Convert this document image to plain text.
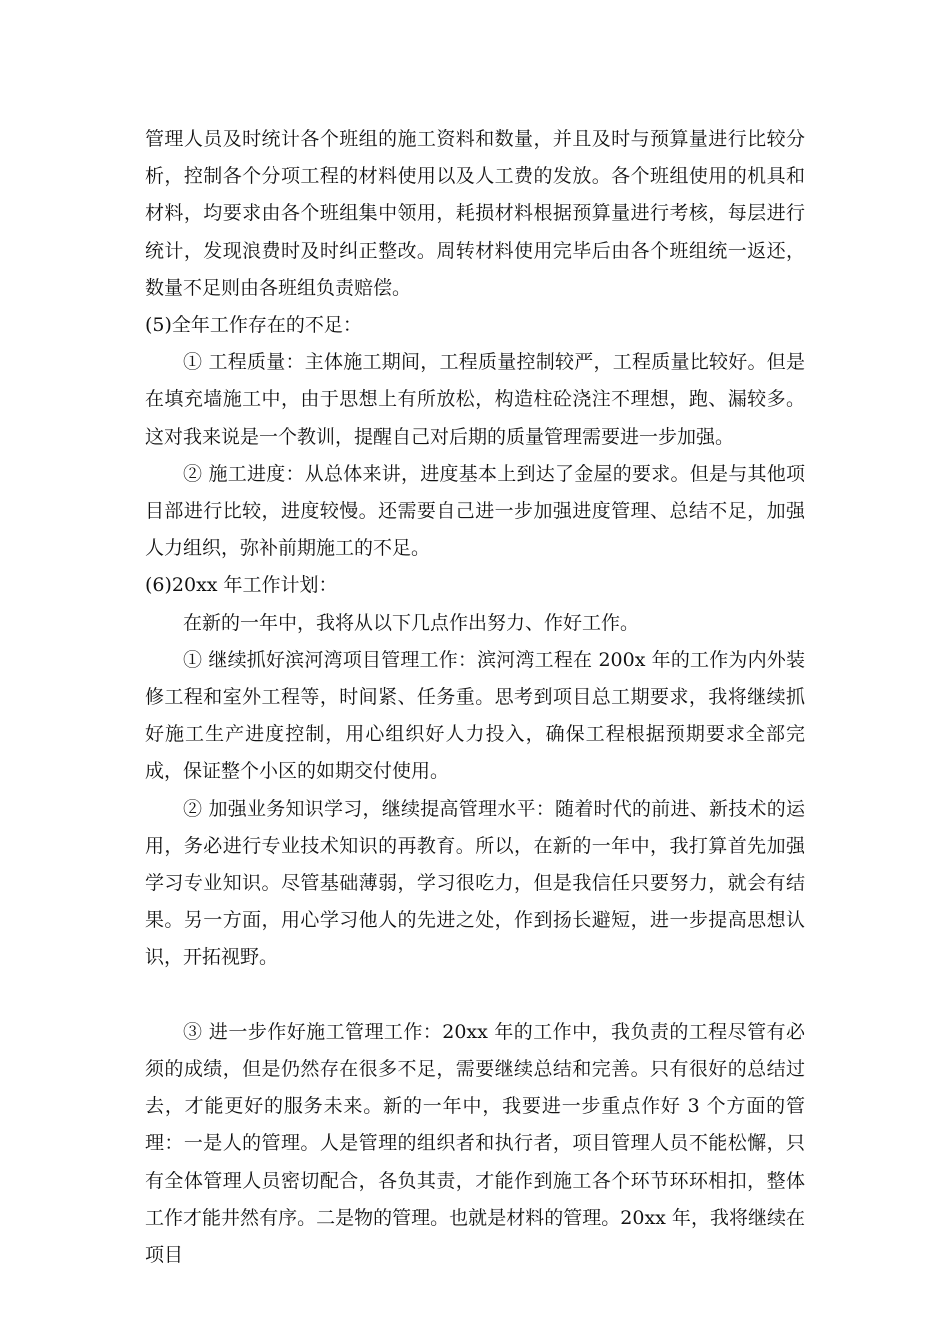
管理人员及时统计各个班组的施工资料和数量，并且及时与预算量进行比较分析，控制各个分项工程的材料使用以及人工费的发放。各个班组使用的机具和材料，均要求由各个班组集中领用，耗损材料根据预算量进行考核，每层进行统计，发现浪费时及时纠正整改。周转材料使用完毕后由各个班组统一返还，数量不足则由各班组负责赔偿。

(5)全年工作存在的不足：

① 工程质量：主体施工期间，工程质量控制较严，工程质量比较好。但是在填充墙施工中，由于思想上有所放松，构造柱砼浇注不理想，跑、漏较多。这对我来说是一个教训，提醒自己对后期的质量管理需要进一步加强。

② 施工进度：从总体来讲，进度基本上到达了金屋的要求。但是与其他项目部进行比较，进度较慢。还需要自己进一步加强进度管理、总结不足，加强人力组织，弥补前期施工的不足。

(6)20xx 年工作计划：

在新的一年中，我将从以下几点作出努力、作好工作。

① 继续抓好滨河湾项目管理工作：滨河湾工程在 200x 年的工作为内外装修工程和室外工程等，时间紧、任务重。思考到项目总工期要求，我将继续抓好施工生产进度控制，用心组织好人力投入，确保工程根据预期要求全部完成，保证整个小区的如期交付使用。

② 加强业务知识学习，继续提高管理水平：随着时代的前进、新技术的运用，务必进行专业技术知识的再教育。所以，在新的一年中，我打算首先加强学习专业知识。尽管基础薄弱，学习很吃力，但是我信任只要努力，就会有结果。另一方面，用心学习他人的先进之处，作到扬长避短，进一步提高思想认识，开拓视野。

③ 进一步作好施工管理工作：20xx 年的工作中，我负责的工程尽管有必须的成绩，但是仍然存在很多不足，需要继续总结和完善。只有很好的总结过去，才能更好的服务未来。新的一年中，我要进一步重点作好 3 个方面的管理：一是人的管理。人是管理的组织者和执行者，项目管理人员不能松懈，只有全体管理人员密切配合，各负其责，才能作到施工各个环节环环相扣，整体工作才能井然有序。二是物的管理。也就是材料的管理。20xx 年，我将继续在项目
